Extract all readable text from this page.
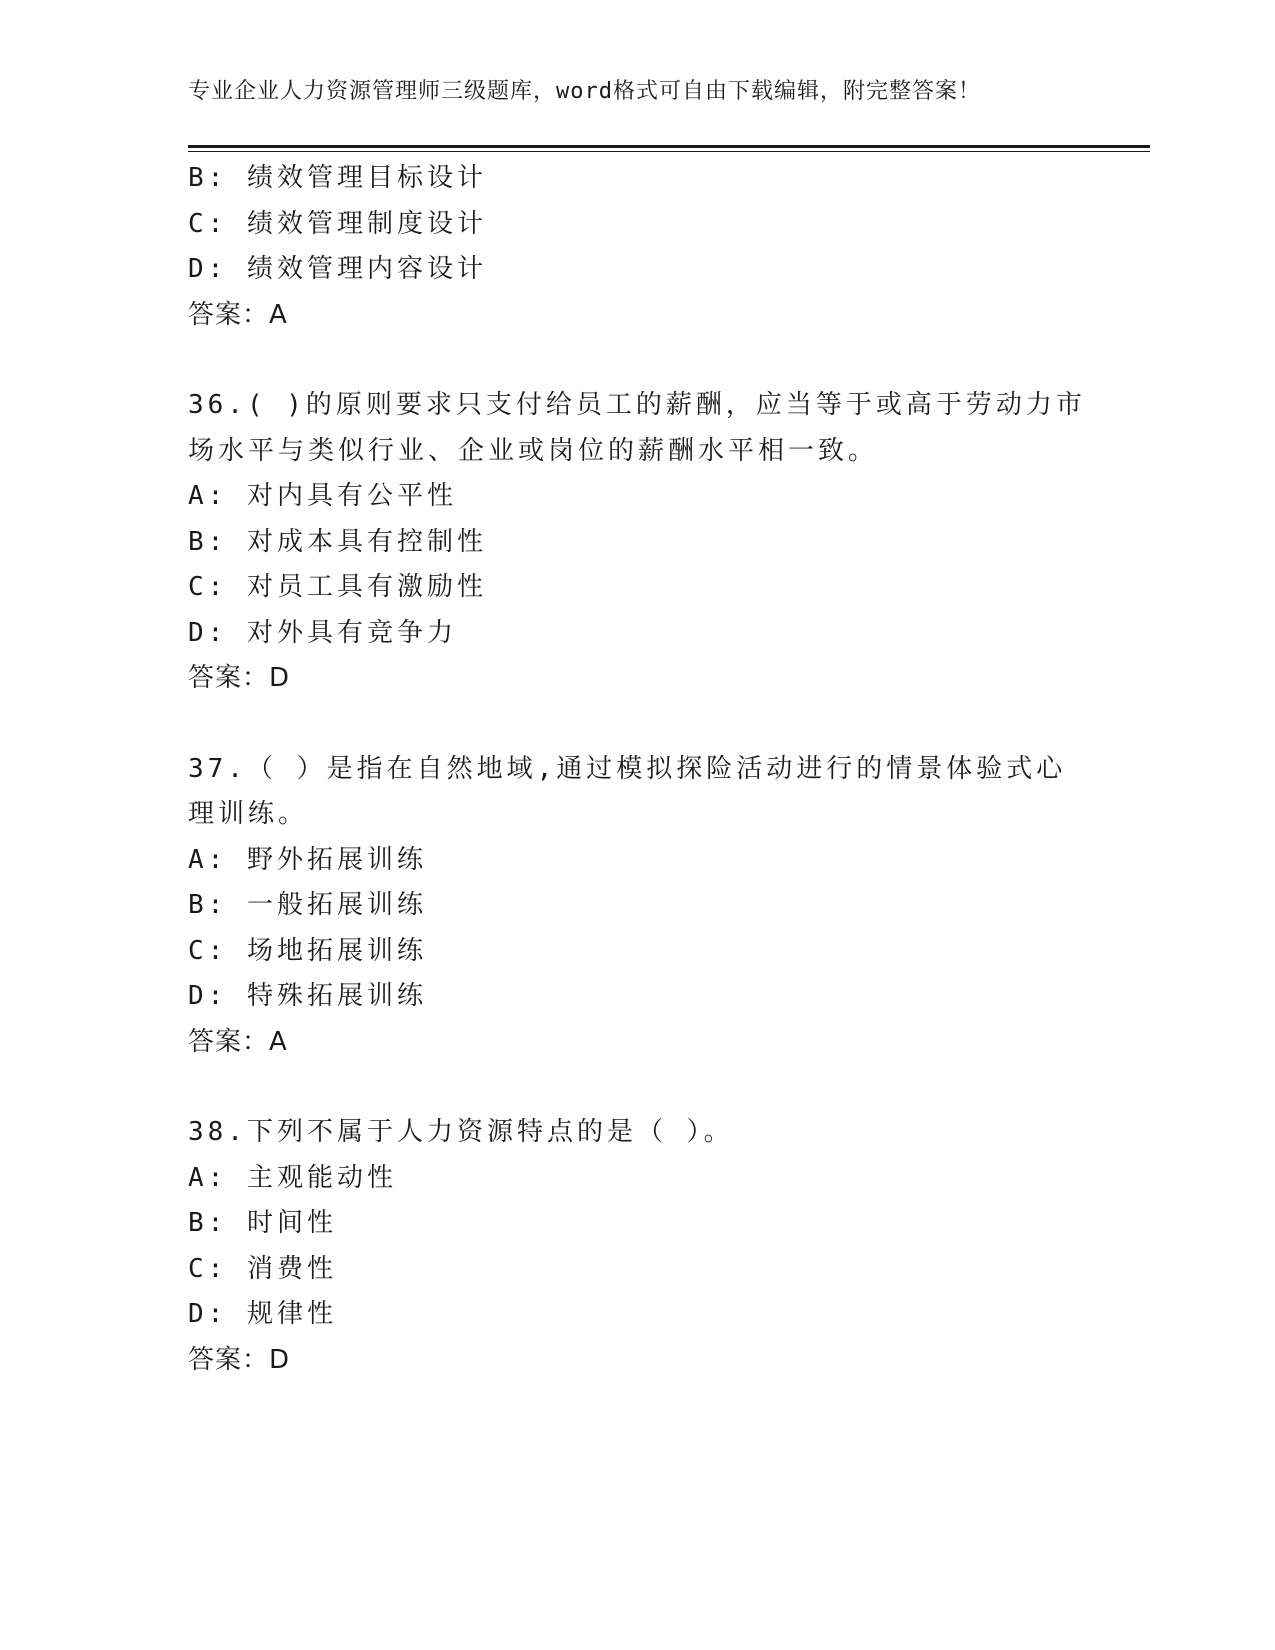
专业企业人力资源管理师三级题库，word格式可自由下载编辑，附完整答案！
B: 绩效管理目标设计
C: 绩效管理制度设计
D: 绩效管理内容设计
答案：A
36.( )的原则要求只支付给员工的薪酬，应当等于或高于劳动力市场水平与类似行业、企业或岗位的薪酬水平相一致。
A: 对内具有公平性
B: 对成本具有控制性
C: 对员工具有激励性
D: 对外具有竞争力
答案：D
37.（ ）是指在自然地域,通过模拟探险活动进行的情景体验式心理训练。
A: 野外拓展训练
B: 一般拓展训练
C: 场地拓展训练
D: 特殊拓展训练
答案：A
38.下列不属于人力资源特点的是（ ）。
A: 主观能动性
B: 时间性
C: 消费性
D: 规律性
答案：D
